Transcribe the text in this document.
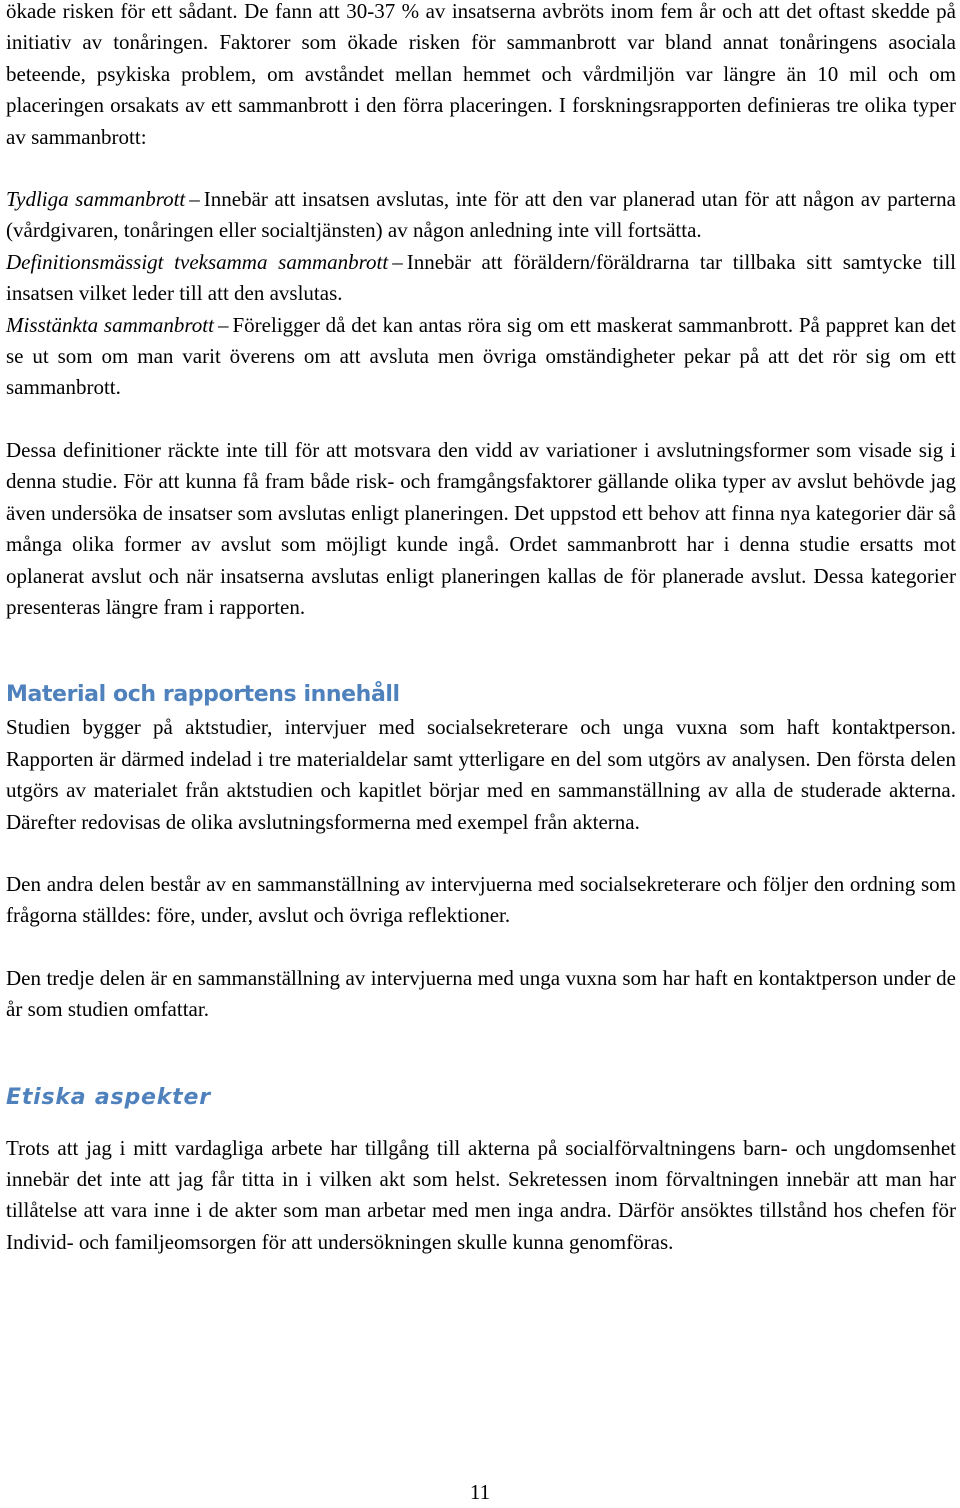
ökade risken för ett sådant. De fann att 30-37 % av insatserna avbröts inom fem år och att det oftast skedde på initiativ av tonåringen. Faktorer som ökade risken för sammanbrott var bland annat tonåringens asociala beteende, psykiska problem, om avståndet mellan hemmet och vårdmiljön var längre än 10 mil och om placeringen orsakats av ett sammanbrott i den förra placeringen. I forskningsrapporten definieras tre olika typer av sammanbrott:

Tydliga sammanbrott – Innebär att insatsen avslutas, inte för att den var planerad utan för att någon av parterna (vårdgivaren, tonåringen eller socialtjänsten) av någon anledning inte vill fortsätta.

Definitionsmässigt tveksamma sammanbrott – Innebär att föräldern/föräldrarna tar tillbaka sitt samtycke till insatsen vilket leder till att den avslutas.

Misstänkta sammanbrott – Föreligger då det kan antas röra sig om ett maskerat sammanbrott. På pappret kan det se ut som om man varit överens om att avsluta men övriga omständigheter pekar på att det rör sig om ett sammanbrott.

Dessa definitioner räckte inte till för att motsvara den vidd av variationer i avslutningsformer som visade sig i denna studie. För att kunna få fram både risk- och framgångsfaktorer gällande olika typer av avslut behövde jag även undersöka de insatser som avslutas enligt planeringen. Det uppstod ett behov att finna nya kategorier där så många olika former av avslut som möjligt kunde ingå. Ordet sammanbrott har i denna studie ersatts mot oplanerat avslut och när insatserna avslutas enligt planeringen kallas de för planerade avslut. Dessa kategorier presenteras längre fram i rapporten.

Material och rapportens innehåll

Studien bygger på aktstudier, intervjuer med socialsekreterare och unga vuxna som haft kontaktperson. Rapporten är därmed indelad i tre materialdelar samt ytterligare en del som utgörs av analysen. Den första delen utgörs av materialet från aktstudien och kapitlet börjar med en sammanställning av alla de studerade akterna. Därefter redovisas de olika avslutningsformerna med exempel från akterna.

Den andra delen består av en sammanställning av intervjuerna med socialsekreterare och följer den ordning som frågorna ställdes: före, under, avslut och övriga reflektioner.

Den tredje delen är en sammanställning av intervjuerna med unga vuxna som har haft en kontaktperson under de år som studien omfattar.

Etiska aspekter

Trots att jag i mitt vardagliga arbete har tillgång till akterna på socialförvaltningens barn- och ungdomsenhet innebär det inte att jag får titta in i vilken akt som helst. Sekretessen inom förvaltningen innebär att man har tillåtelse att vara inne i de akter som man arbetar med men inga andra. Därför ansöktes tillstånd hos chefen för Individ- och familjeomsorgen för att undersökningen skulle kunna genomföras.

11
